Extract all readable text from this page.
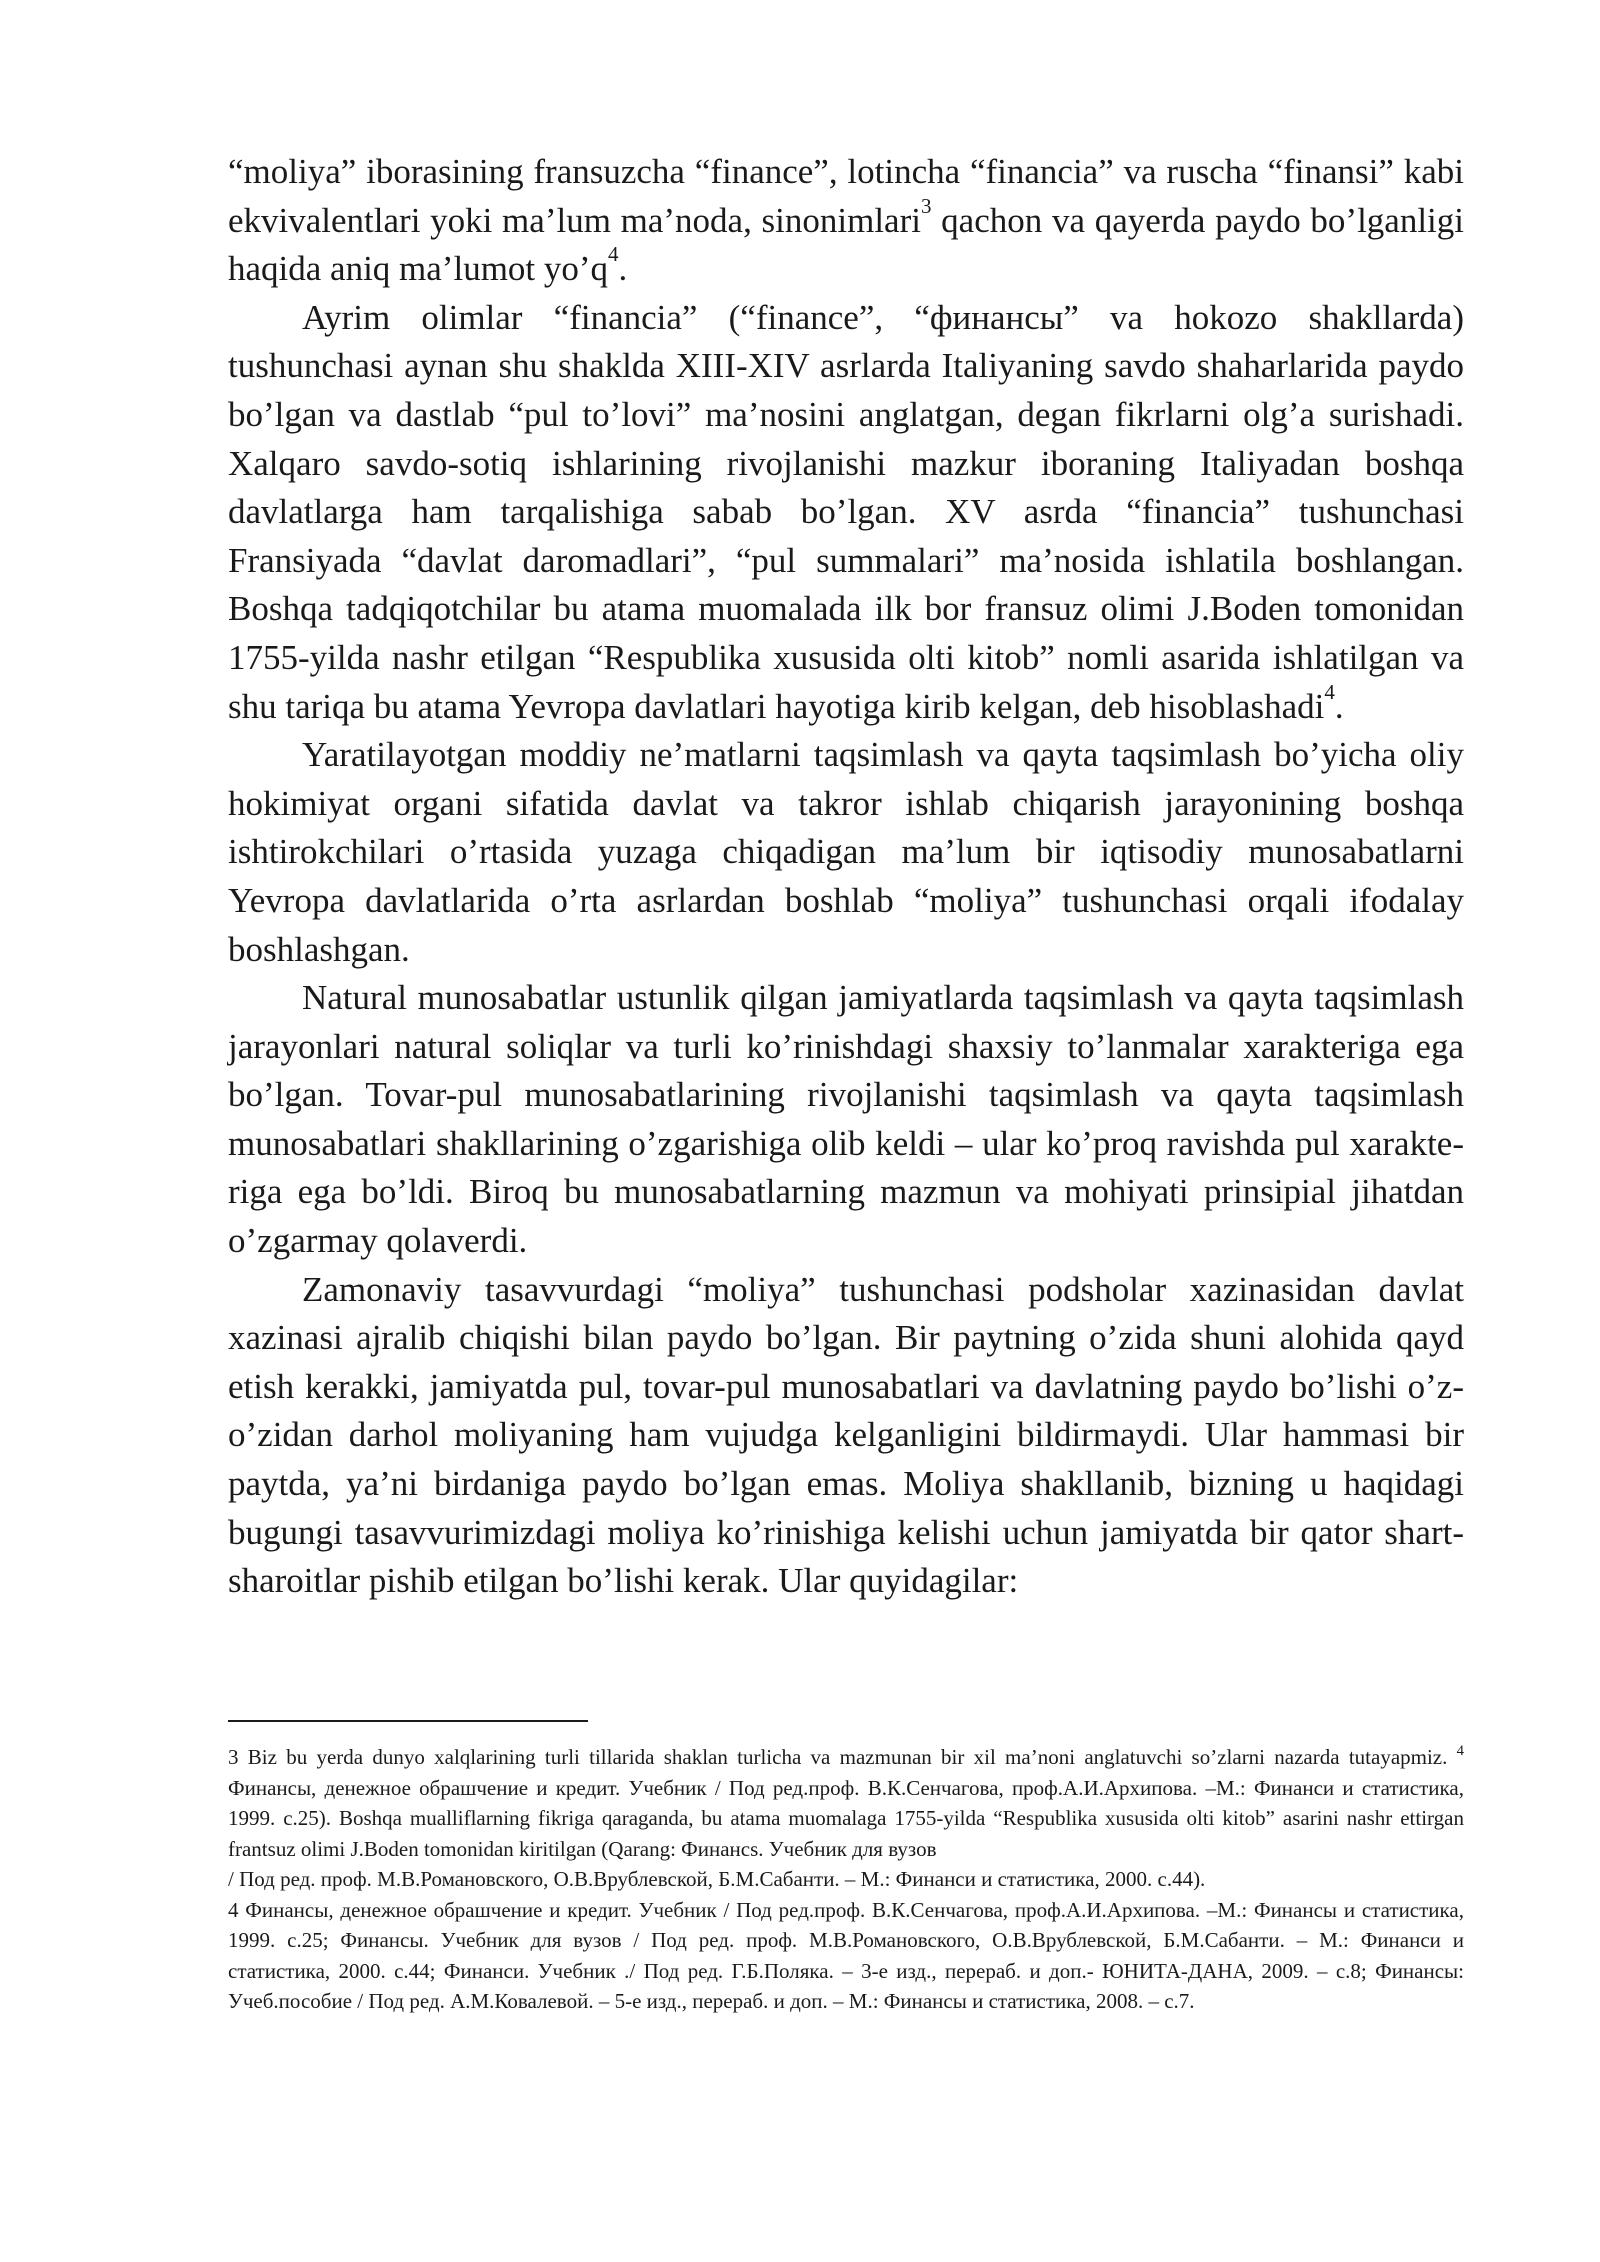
“moliya” iborasining fransuzcha “finance”, lotincha “financia” va ruscha “finansi” kabi ekvivalentlari yoki ma’lum ma’noda, sinonimlari$^3$ qachon va qayerda paydo bo’lganligi haqida aniq ma’lumot $yo’q^4$.

Ayrim olimlar “financia” (“finance”, “финансы” va hokozo shakllarda) tushunchasi aynan shu shaklda XIII-XIV asrlarda Italiyaning savdo shaharlarida paydo bo’lgan va dastlab “pul to’lovi” ma’nosini anglatgan, degan fikrlarni olg’a surishadi. Xalqaro savdo-sotiq ishlarining rivojlanishi mazkur iboraning Italiyadan boshqa davlatlarga ham tarqalishiga sabab bo’lgan. XV asrda “financia” tushunchasi Fransiyada “davlat daromadlari”, “pul summalari” ma’nosida ishlatila boshlangan. Boshqa tadqiqotchilar bu atama muomalada ilk bor fransuz olimi J.Boden tomonidan 1755-yilda nashr etilgan “Respublika xususida olti kitob” nomli asarida ishlatilgan va shu tariqa bu atama Yevropa davlatlari hayotiga kirib kelgan, deb hisoblashadi$^4$.

Yaratilayotgan moddiy ne’matlarni taqsimlash va qayta taqsimlash bo’yicha oliy hokimiyat organi sifatida davlat va takror ishlab chiqarish jarayonining boshqa ishtirokchilari o’rtasida yuzaga chiqadigan ma’lum bir iqtisodiy munosabatlarni Yevropa davlatlarida o’rta asrlardan boshlab “moliya” tushunchasi orqali ifodalay boshlashgan.

Natural munosabatlar ustunlik qilgan jamiyatlarda taqsimlash va qayta taqsimlash jarayonlari natural soliqlar va turli ko’rinishdagi shaxsiy to’lanmalar xarakteriga ega bo’lgan. Tovar-pul munosabatlarining rivojlanishi taqsimlash va qayta taqsimlash munosabatlari shakllarining o’zgarishiga olib keldi – ular ko’proq ravishda pul xarakte-riga ega bo’ldi. Biroq bu munosabatlarning mazmun va mohiyati prinsipial jihatdan o’zgarmay qolaverdi.

Zamonaviy tasavvurdagi “moliya” tushunchasi podsholar xazinasidan davlat xazinasi ajralib chiqishi bilan paydo bo’lgan. Bir paytning o’zida shuni alohida qayd etish kerakki, jamiyatda pul, tovar-pul munosabatlari va davlatning paydo bo’lishi o’z-o’zidan darhol moliyaning ham vujudga kelganligini bildirmaydi. Ular hammasi bir paytda, ya’ni birdaniga paydo bo’lgan emas. Moliya shakllanib, bizning u haqidagi bugungi tasavvurimizdagi moliya ko’rinishiga kelishi uchun jamiyatda bir qator shart-sharoitlar pishib etilgan bo’lishi kerak. Ular quyidagilar:

3 Biz bu yerda dunyo xalqlarining turli tillarida shaklan turlicha va mazmunan bir xil ma’noni anglatuvchi so’zlarni nazarda tutayapmiz. $^4$ Финансы, денежное обрашчение и кредит. Учебник / Под ред.проф. В.К.Сенчагова, проф.А.И.Архипова. –М.: Финанси и статистика, 1999. с.25). Boshqa mualliflarning fikriga qaraganda, bu atama muomalaga 1755-yilda “Respublika xususida olti kitob” asarini nashr ettirgan frantsuz olimi J.Boden tomonidan kiritilgan (Qarang: Финансs. Учебник для вузов

/ Под ред. проф. М.В.Романовского, О.В.Врублевской, Б.М.Сабанти. – М.: Финанси и статистика, 2000. с.44).

4 Финансы, денежное обрашчение и кредит. Учебник / Под ред.проф. В.К.Сенчагова, проф.А.И.Архипова. –М.: Финансы и статистика, 1999. с.25; Финансы. Учебник для вузов / Под ред. проф. М.В.Романовского, О.В.Врублевской, Б.М.Сабанти. – М.: Финанси и статистика, 2000. с.44; Финанси. Учебник ./ Под ред. Г.Б.Поляка. – 3-е изд., перераб. и доп.- ЮНИТА-ДАНА, 2009. – с.8; Финансы: Учеб.пособие / Под ред. А.М.Ковалевой. – 5-е изд., перераб. и доп. – М.: Финансы и статистика, 2008. – с.7.
